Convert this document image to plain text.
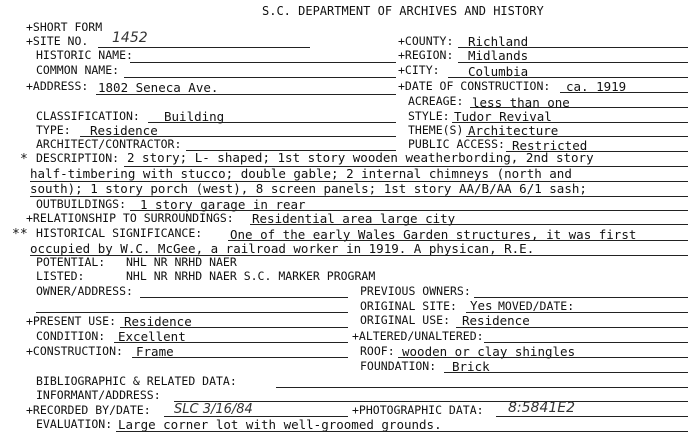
S.C. DEPARTMENT OF ARCHIVES AND HISTORY
+SHORT FORM
+SITE NO. 1452
HISTORIC NAME:
COMMON NAME:
+ADDRESS: 1802 Seneca Ave.
+COUNTY: Richland
+REGION: Midlands
+CITY: Columbia
+DATE OF CONSTRUCTION: ca. 1919
ACREAGE: less than one
CLASSIFICATION: Building	STYLE: Tudor Revival
TYPE: Residence	THEME(S) Architecture
ARCHITECT/CONTRACTOR:	PUBLIC ACCESS: Restricted
* DESCRIPTION: 2 story; L- shaped; 1st story wooden weatherbording, 2nd story
half-timbering with stucco; double gable; 2 internal chimneys (north and
south); 1 story porch (west), 8 screen panels; 1st story AA/B/AA 6/1 sash;
OUTBUILDINGS: 1 story garage in rear
+RELATIONSHIP TO SURROUNDINGS: Residential area large city
** HISTORICAL SIGNIFICANCE: One of the early Wales Garden structures, it was first
occupied by W.C. McGee, a railroad worker in 1919. A physican, R.E.
POTENTIAL: NHL NR NRHD NAER
LISTED:	NHL NR NRHD NAER S.C. MARKER PROGRAM
OWNER/ADDRESS:	PREVIOUS OWNERS:
ORIGINAL SITE: Yes MOVED/DATE:
+PRESENT USE: Residence	ORIGINAL USE: Residence
CONDITION: Excellent	+ALTERED/UNALTERED:
+CONSTRUCTION: Frame	ROOF: wooden or clay shingles
FOUNDATION: Brick
BIBLIOGRAPHIC & RELATED DATA:
INFORMANT/ADDRESS:
+RECORDED BY/DATE: SLC 3/16/84	+PHOTOGRAPHIC DATA: 8:5841E2
EVALUATION: Large corner lot with well-groomed grounds.
